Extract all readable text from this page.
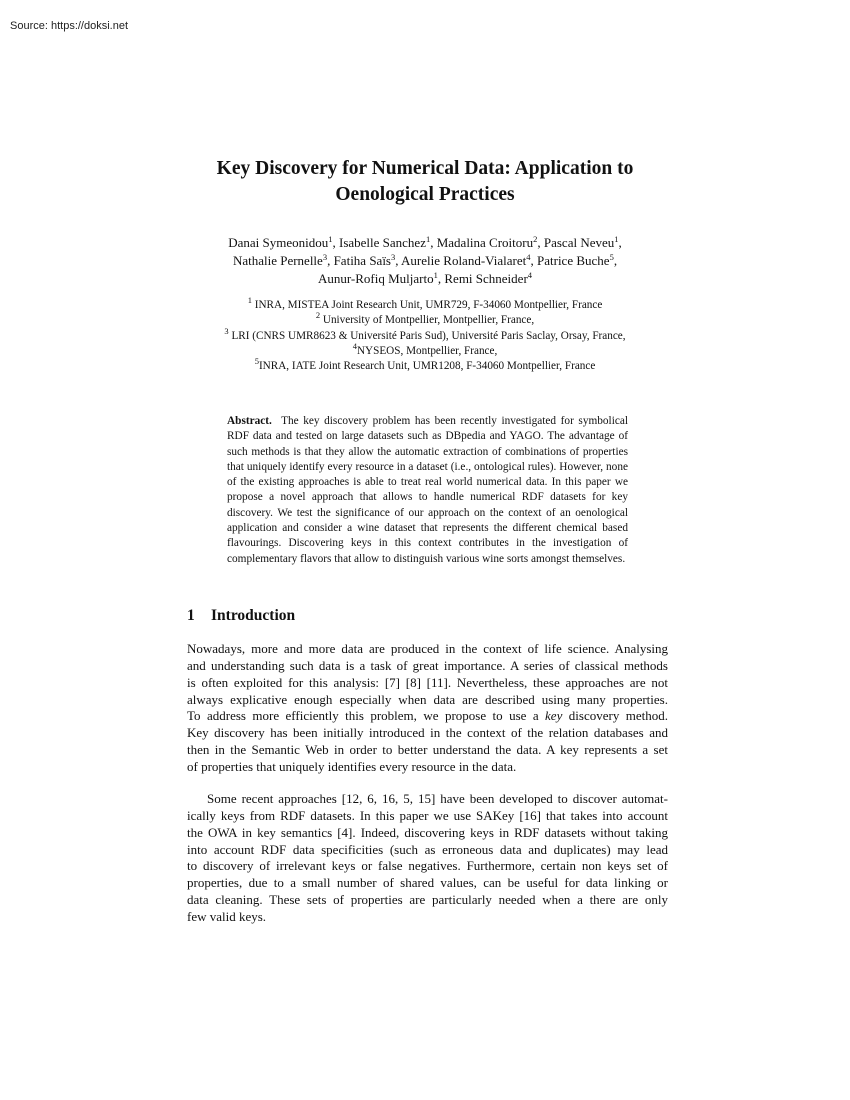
Source: https://doksi.net
Key Discovery for Numerical Data: Application to
Oenological Practices
Danai Symeonidou$^1$, Isabelle Sanchez$^1$, Madalina Croitoru$^2$, Pascal Neveu$^1$,
Nathalie Pernelle$^3$, Fatiha Saïs$^3$, Aurelie Roland-Vialaret$^4$, Patrice Buche$^5$,
Aunur-Rofiq Muljarto$^1$, Remi Schneider$^4$
$^1$ INRA, MISTEA Joint Research Unit, UMR729, F-34060 Montpellier, France
$^2$ University of Montpellier, Montpellier, France,
$^3$ LRI (CNRS UMR8623 & Université Paris Sud), Université Paris Saclay, Orsay, France,
$^4$NYSEOS, Montpellier, France,
$^5$INRA, IATE Joint Research Unit, UMR1208, F-34060 Montpellier, France

Abstract. The key discovery problem has been recently investigated for symbolical RDF data and tested on large datasets such as DBpedia and YAGO. The advantage of such methods is that they allow the automatic extraction of combinations of properties that uniquely identify every resource in a dataset (i.e., ontological rules). However, none of the existing approaches is able to treat real world numerical data. In this paper we propose a novel approach that allows to handle numerical RDF datasets for key discovery. We test the significance of our approach on the context of an oenological application and consider a wine dataset that represents the different chemical based flavourings. Discovering keys in this context contributes in the investigation of complementary flavors that allow to distinguish various wine sorts amongst themselves.

1 Introduction
Nowadays, more and more data are produced in the context of life science. Analysing
and understanding such data is a task of great importance. A series of classical methods
is often exploited for this analysis: [7] [8] [11]. Nevertheless, these approaches are not
always explicative enough especially when data are described using many properties.
To address more efficiently this problem, we propose to use a key discovery method.
Key discovery has been initially introduced in the context of the relation databases and
then in the Semantic Web in order to better understand the data. A key represents a set
of properties that uniquely identifies every resource in the data.
Some recent approaches [12, 6, 16, 5, 15] have been developed to discover automat-
ically keys from RDF datasets. In this paper we use SAKey [16] that takes into account
the OWA in key semantics [4]. Indeed, discovering keys in RDF datasets without taking
into account RDF data specificities (such as erroneous data and duplicates) may lead
to discovery of irrelevant keys or false negatives. Furthermore, certain non keys set of
properties, due to a small number of shared values, can be useful for data linking or
data cleaning. These sets of properties are particularly needed when a there are only
few valid keys.
